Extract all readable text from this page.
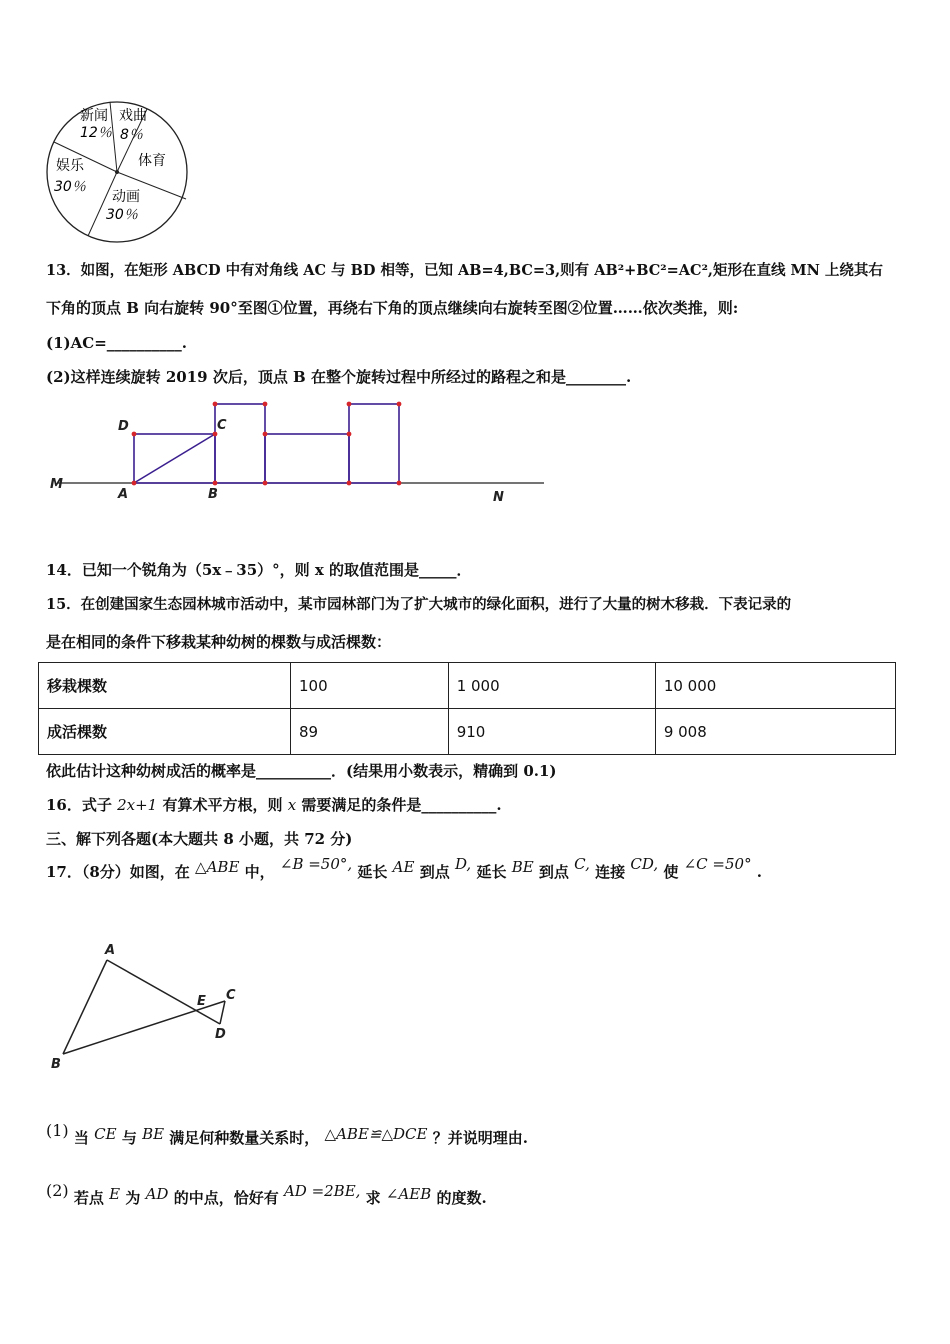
新闻
12％
戏曲
8％
体育
娱乐
30％
动画
30％
13．如图，在矩形 ABCD 中有对角线 AC 与 BD 相等，已知 AB=4,BC=3,则有 AB²+BC²=AC²,矩形在直线 MN 上绕其右
下角的顶点 B 向右旋转 90°至图①位置，再绕右下角的顶点继续向右旋转至图②位置……依次类推，则:
(1)AC=__________.
(2)这样连续旋转 2019 次后，顶点 B 在整个旋转过程中所经过的路程之和是________.
D	C
M
A	B	N
14．已知一个锐角为（5x﹣35）°，则 x 的取值范围是_____．
15．在创建国家生态园林城市活动中，某市园林部门为了扩大城市的绿化面积，进行了大量的树木移栽．下表记录的
是在相同的条件下移栽某种幼树的棵数与成活棵数：
移栽棵数	100	1 000	10 000
成活棵数	89	910	9 008
依此估计这种幼树成活的概率是__________．(结果用小数表示，精确到 0.1)
16．式子 2x+1 有算术平方根，则 x 需要满足的条件是__________.
三、解下列各题(本大题共 8 小题，共 72 分)
17．（8分）如图，在 △ABE 中， ∠B =50°, 延长 AE 到点 D, 延长 BE 到点 C, 连接 CD, 使 ∠C =50° .
A
E C
D
B
(1) 当 CE 与 BE 满足何种数量关系时， △ABE≌△DCE ？并说明理由.
(2) 若点 E 为 AD 的中点，恰好有 AD =2BE, 求 ∠AEB 的度数.
